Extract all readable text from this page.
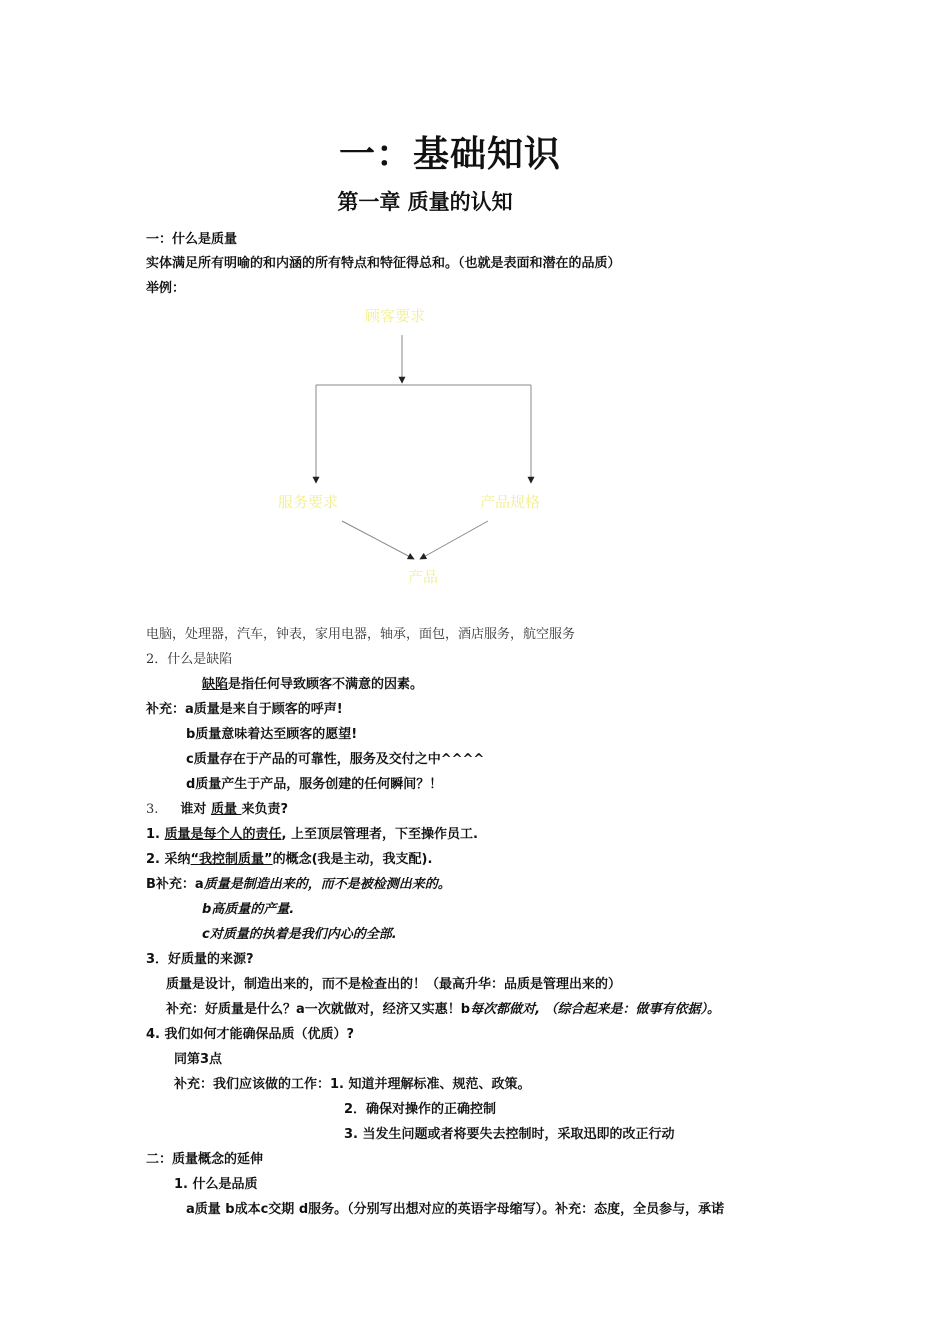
一：基础知识
第一章 质量的认知
一：什么是质量
实体满足所有明喻的和内涵的所有特点和特征得总和。（也就是表面和潜在的品质）
举例：
顾客要求
服务要求	产品规格
产品
电脑，处理器，汽车，钟表，家用电器，轴承，面包，酒店服务，航空服务
2．什么是缺陷
缺陷是指任何导致顾客不满意的因素。
补充：a质量是来自于顾客的呼声!
b质量意味着达至顾客的愿望!
c质量存在于产品的可靠性，服务及交付之中^^^^
d质量产生于产品，服务创建的任何瞬间？！
3. 谁对 质量 来负责?
1. 质量是每个人的责任, 上至顶层管理者，下至操作员工.
2. 采纳“我控制质量”的概念(我是主动，我支配).
B补充：a质量是制造出来的，而不是被检测出来的。
b高质量的产量.
c对质量的执着是我们内心的全部.
3．好质量的来源?
质量是设计，制造出来的，而不是检查出的！（最高升华：品质是管理出来的）
补充：好质量是什么？a一次就做对，经济又实惠！b每次都做对, （综合起来是：做事有依据）。
4. 我们如何才能确保品质（优质）?
同第3点
补充：我们应该做的工作：1. 知道并理解标准、规范、政策。
2．确保对操作的正确控制
3. 当发生问题或者将要失去控制时，采取迅即的改正行动
二：质量概念的延伸
1. 什么是品质
a质量 b成本c交期 d服务。（分别写出想对应的英语字母缩写）。补充：态度，全员参与，承诺
